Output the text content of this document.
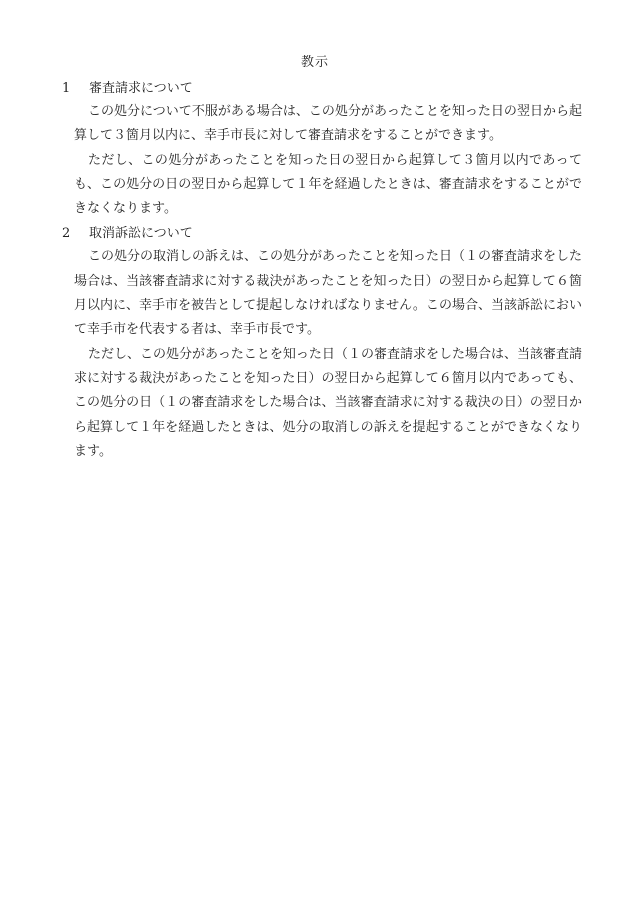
教示
1 審査請求について

この処分について不服がある場合は、この処分があったことを知った日の翌日から起算して３箇月以内に、幸手市長に対して審査請求をすることができます。

ただし、この処分があったことを知った日の翌日から起算して３箇月以内であっても、この処分の日の翌日から起算して１年を経過したときは、審査請求をすることができなくなります。

2 取消訴訟について

この処分の取消しの訴えは、この処分があったことを知った日（１の審査請求をした場合は、当該審査請求に対する裁決があったことを知った日）の翌日から起算して６箇月以内に、幸手市を被告として提起しなければなりません。この場合、当該訴訟において幸手市を代表する者は、幸手市長です。

ただし、この処分があったことを知った日（１の審査請求をした場合は、当該審査請求に対する裁決があったことを知った日）の翌日から起算して６箇月以内であっても、この処分の日（１の審査請求をした場合は、当該審査請求に対する裁決の日）の翌日から起算して１年を経過したときは、処分の取消しの訴えを提起することができなくなります。
